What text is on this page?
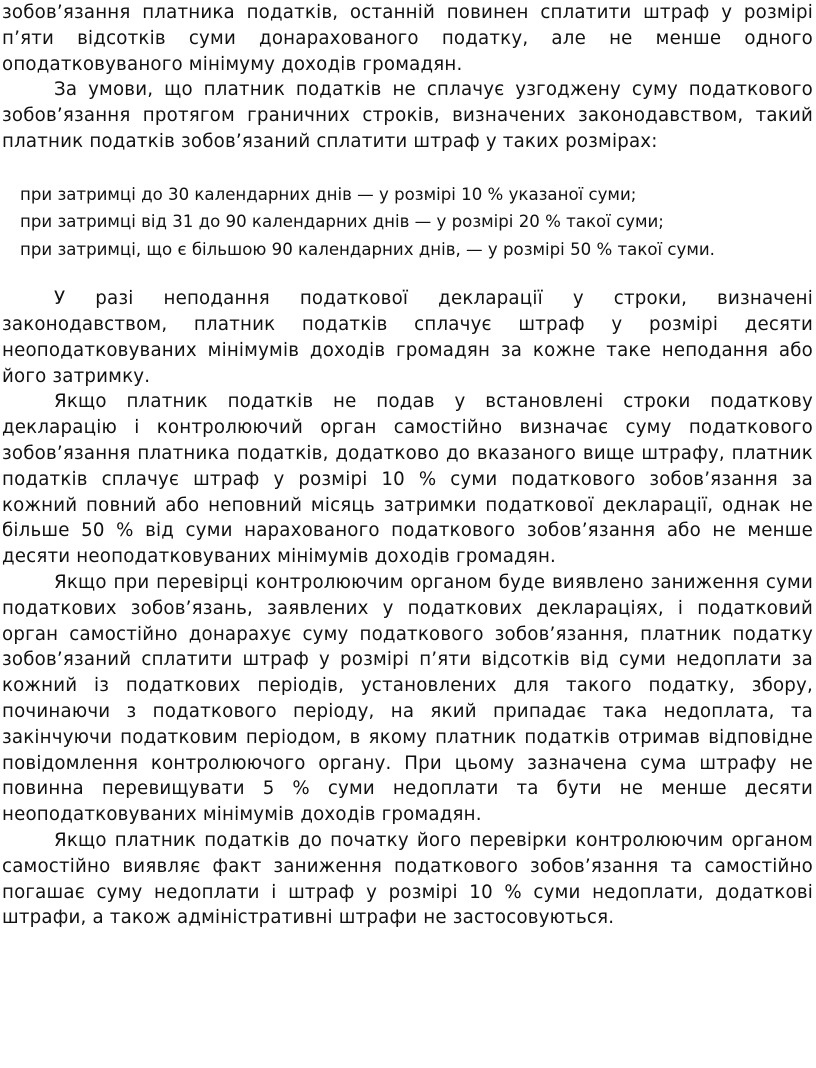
зобов’язання платника податків, останній повинен сплатити штраф у розмірі п’яти відсотків суми донарахованого податку, але не менше одного оподатковуваного мінімуму доходів громадян.

За умови, що платник податків не сплачує узгоджену суму податкового зобов’язання протягом граничних строків, визначених законодавством, такий платник податків зобов’язаний сплатити штраф у таких розмірах:

при затримці до 30 календарних днів — у розмірі 10 % указаної суми;
при затримці від 31 до 90 календарних днів — у розмірі 20 % такої суми;
при затримці, що є більшою 90 календарних днів, — у розмірі 50 % такої суми.

У разі неподання податкової декларації у строки, визначені законодавством, платник податків сплачує штраф у розмірі десяти неоподатковуваних мінімумів доходів громадян за кожне таке неподання або його затримку.

Якщо платник податків не подав у встановлені строки податкову декларацію і контролюючий орган самостійно визначає суму податкового зобов’язання платника податків, додатково до вказаного вище штрафу, платник податків сплачує штраф у розмірі 10 % суми податкового зобов’язання за кожний повний або неповний місяць затримки податкової декларації, однак не більше 50 % від суми нарахованого податкового зобов’язання або не менше десяти неоподатковуваних мінімумів доходів громадян.

Якщо при перевірці контролюючим органом буде виявлено заниження суми податкових зобов’язань, заявлених у податкових деклараціях, і податковий орган самостійно донарахує суму податкового зобов’язання, платник податку зобов’язаний сплатити штраф у розмірі п’яти відсотків від суми недоплати за кожний із податкових періодів, установлених для такого податку, збору, починаючи з податкового періоду, на який припадає така недоплата, та закінчуючи податковим періодом, в якому платник податків отримав відповідне повідомлення контролюючого органу. При цьому зазначена сума штрафу не повинна перевищувати 5 % суми недоплати та бути не менше десяти неоподатковуваних мінімумів доходів громадян.

Якщо платник податків до початку його перевірки контролюючим органом самостійно виявляє факт заниження податкового зобов’язання та самостійно погашає суму недоплати і штраф у розмірі 10 % суми недоплати, додаткові штрафи, а також адміністративні штрафи не застосовуються.
